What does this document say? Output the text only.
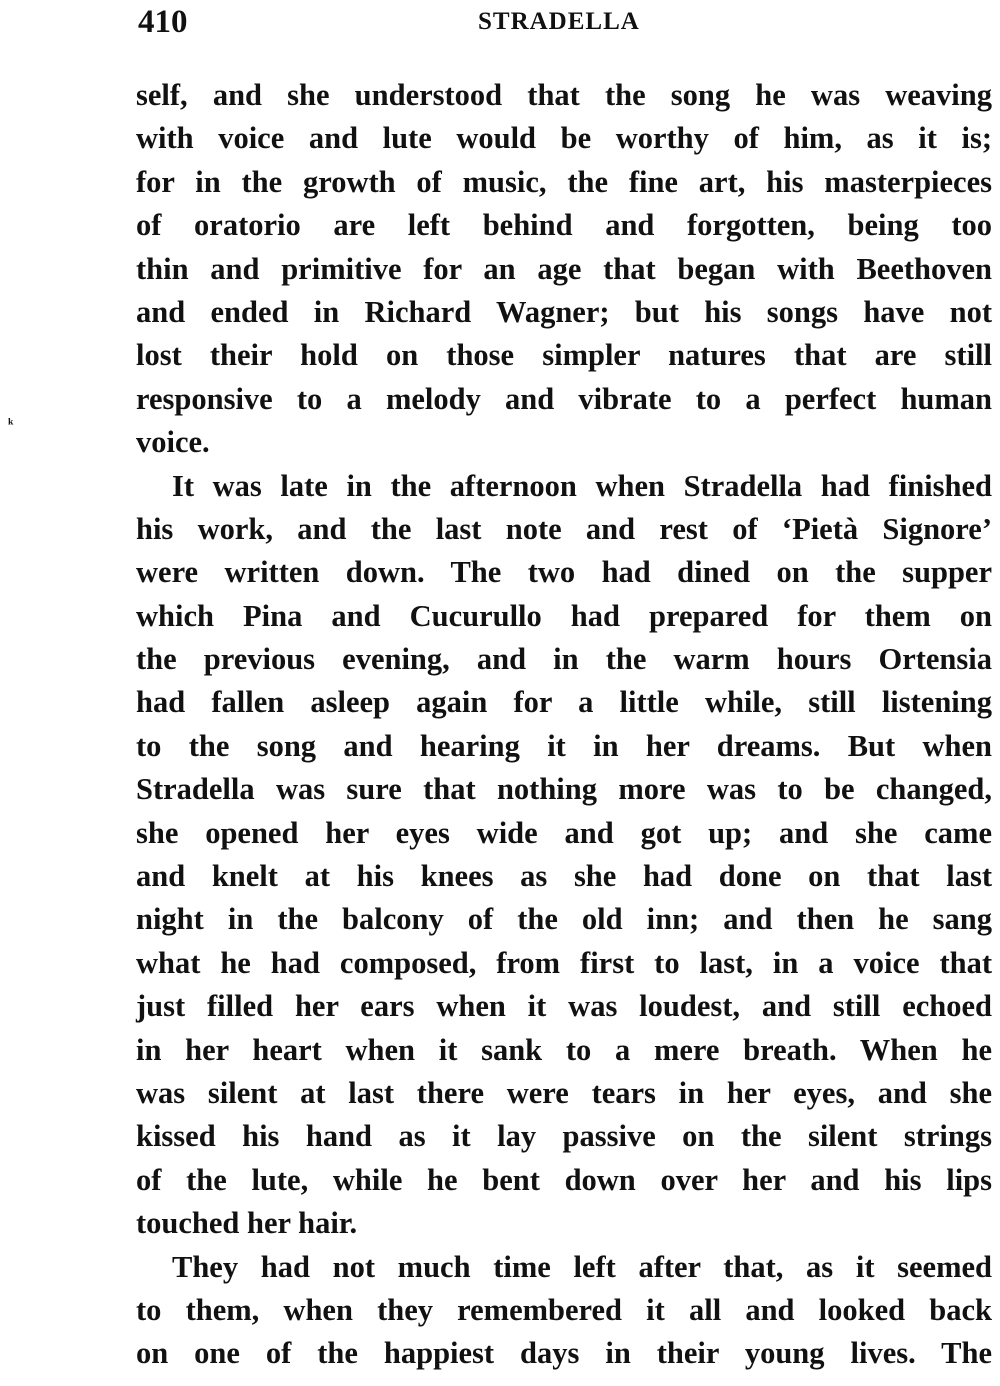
410	STRADELLA
ᵏ
self, and she understood that the song he was weaving
with voice and lute would be worthy of him, as it is;
for in the growth of music, the fine art, his masterpieces
of oratorio are left behind and forgotten, being too
thin and primitive for an age that began with Beethoven
and ended in Richard Wagner; but his songs have not
lost their hold on those simpler natures that are still
responsive to a melody and vibrate to a perfect human
voice.
It was late in the afternoon when Stradella had finished
his work, and the last note and rest of ‘Pietà Signore’
were written down. The two had dined on the supper
which Pina and Cucurullo had prepared for them on
the previous evening, and in the warm hours Ortensia
had fallen asleep again for a little while, still listening
to the song and hearing it in her dreams. But when
Stradella was sure that nothing more was to be changed,
she opened her eyes wide and got up; and she came
and knelt at his knees as she had done on that last
night in the balcony of the old inn; and then he sang
what he had composed, from first to last, in a voice that
just filled her ears when it was loudest, and still echoed
in her heart when it sank to a mere breath. When he
was silent at last there were tears in her eyes, and she
kissed his hand as it lay passive on the silent strings
of the lute, while he bent down over her and his lips
touched her hair.
They had not much time left after that, as it seemed
to them, when they remembered it all and looked back
on one of the happiest days in their young lives. The
